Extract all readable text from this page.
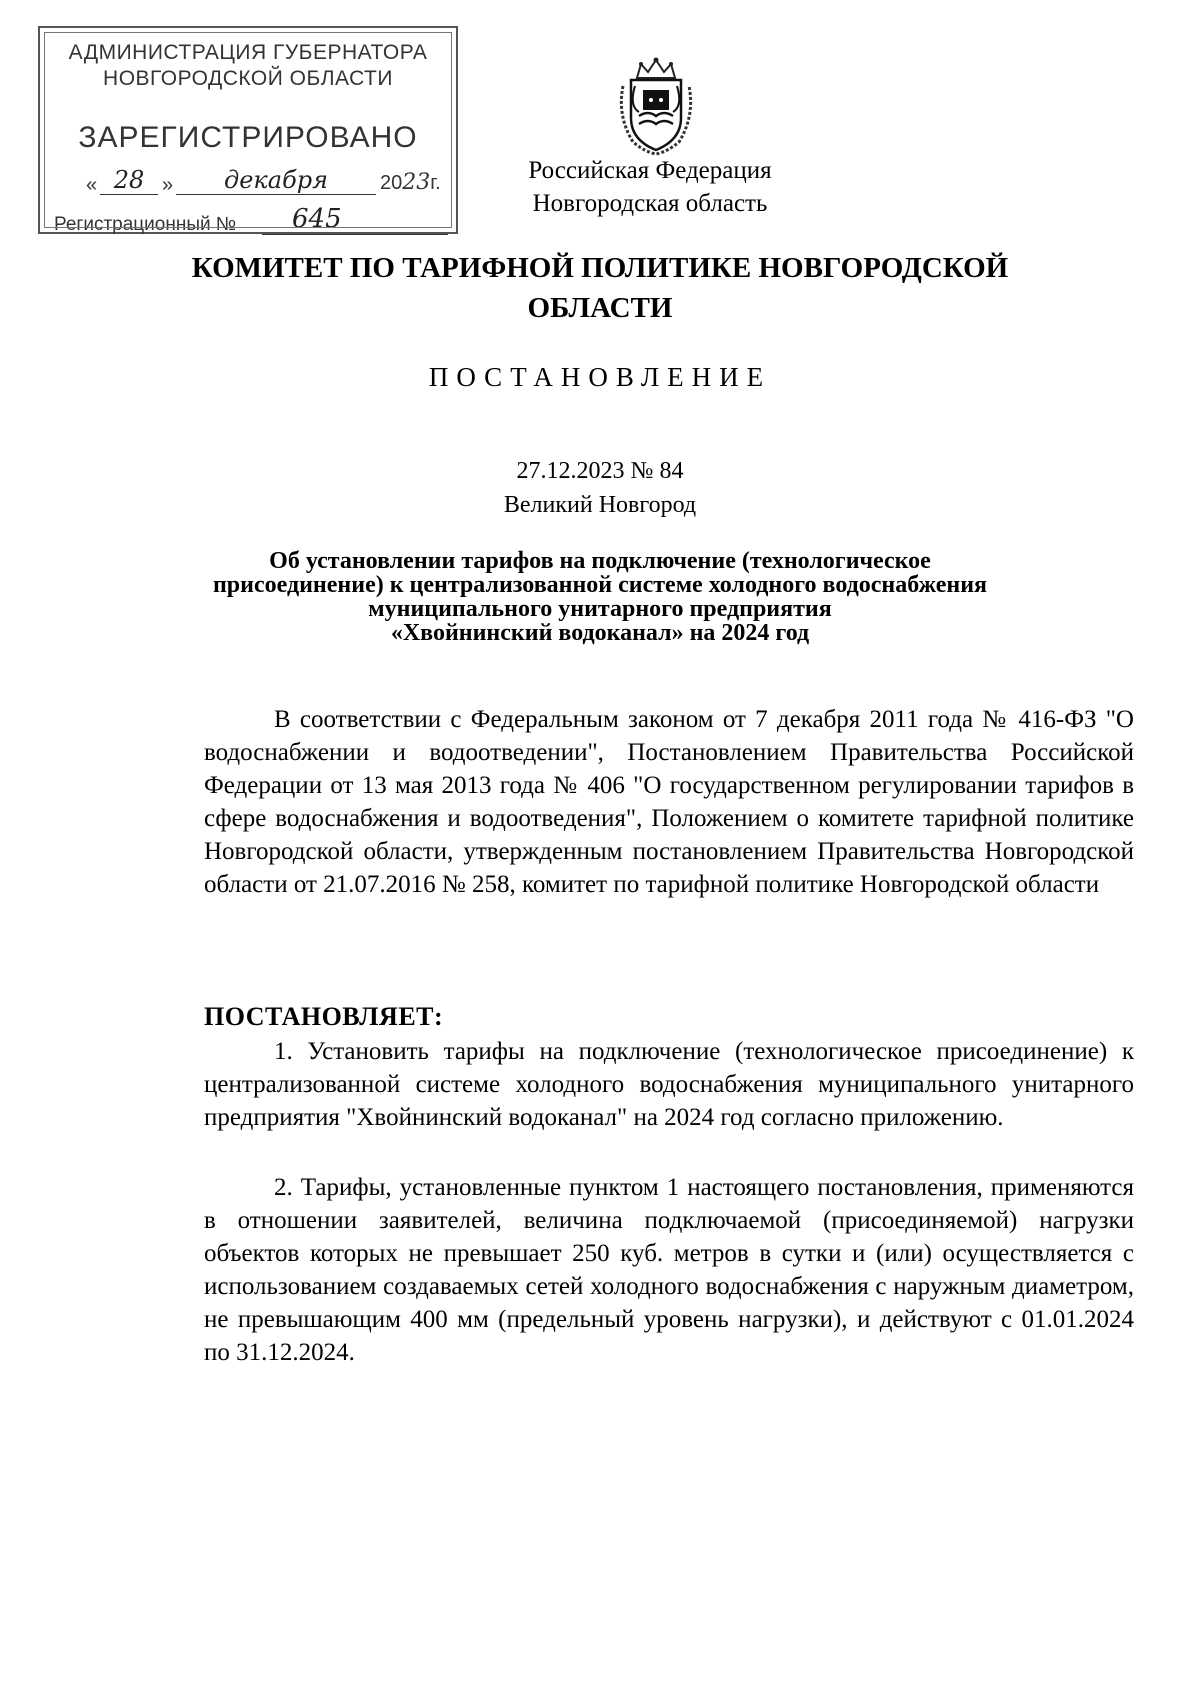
АДМИНИСТРАЦИЯ ГУБЕРНАТОРА
НОВГОРОДСКОЙ ОБЛАСТИ
ЗАРЕГИСТРИРОВАНО
« 28 »	декабря	2023г.
Регистрационный №	645
Российская Федерация
Новгородская область
КОМИТЕТ ПО ТАРИФНОЙ ПОЛИТИКЕ НОВГОРОДСКОЙ
ОБЛАСТИ
ПОСТАНОВЛЕНИЕ
27.12.2023 № 84
Великий Новгород
Об установлении тарифов на подключение (технологическое
присоединение) к централизованной системе холодного водоснабжения
муниципального унитарного предприятия
«Хвойнинский водоканал» на 2024 год
В соответствии с Федеральным законом от 7 декабря 2011 года № 416-ФЗ "О водоснабжении и водоотведении", Постановлением Правительства Российской Федерации от 13 мая 2013 года № 406 "О государственном регулировании тарифов в сфере водоснабжения и водоотведения", Положением о комитете тарифной политике Новгородской области, утвержденным постановлением Правительства Новгородской области от 21.07.2016 № 258, комитет по тарифной политике Новгородской области
ПОСТАНОВЛЯЕТ:
1. Установить тарифы на подключение (технологическое присоединение) к централизованной системе холодного водоснабжения муниципального унитарного предприятия "Хвойнинский водоканал" на 2024 год согласно приложению.
2. Тарифы, установленные пунктом 1 настоящего постановления, применяются в отношении заявителей, величина подключаемой (присоединяемой) нагрузки объектов которых не превышает 250 куб. метров в сутки и (или) осуществляется с использованием создаваемых сетей холодного водоснабжения с наружным диаметром, не превышающим 400 мм (предельный уровень нагрузки), и действуют с 01.01.2024 по 31.12.2024.
